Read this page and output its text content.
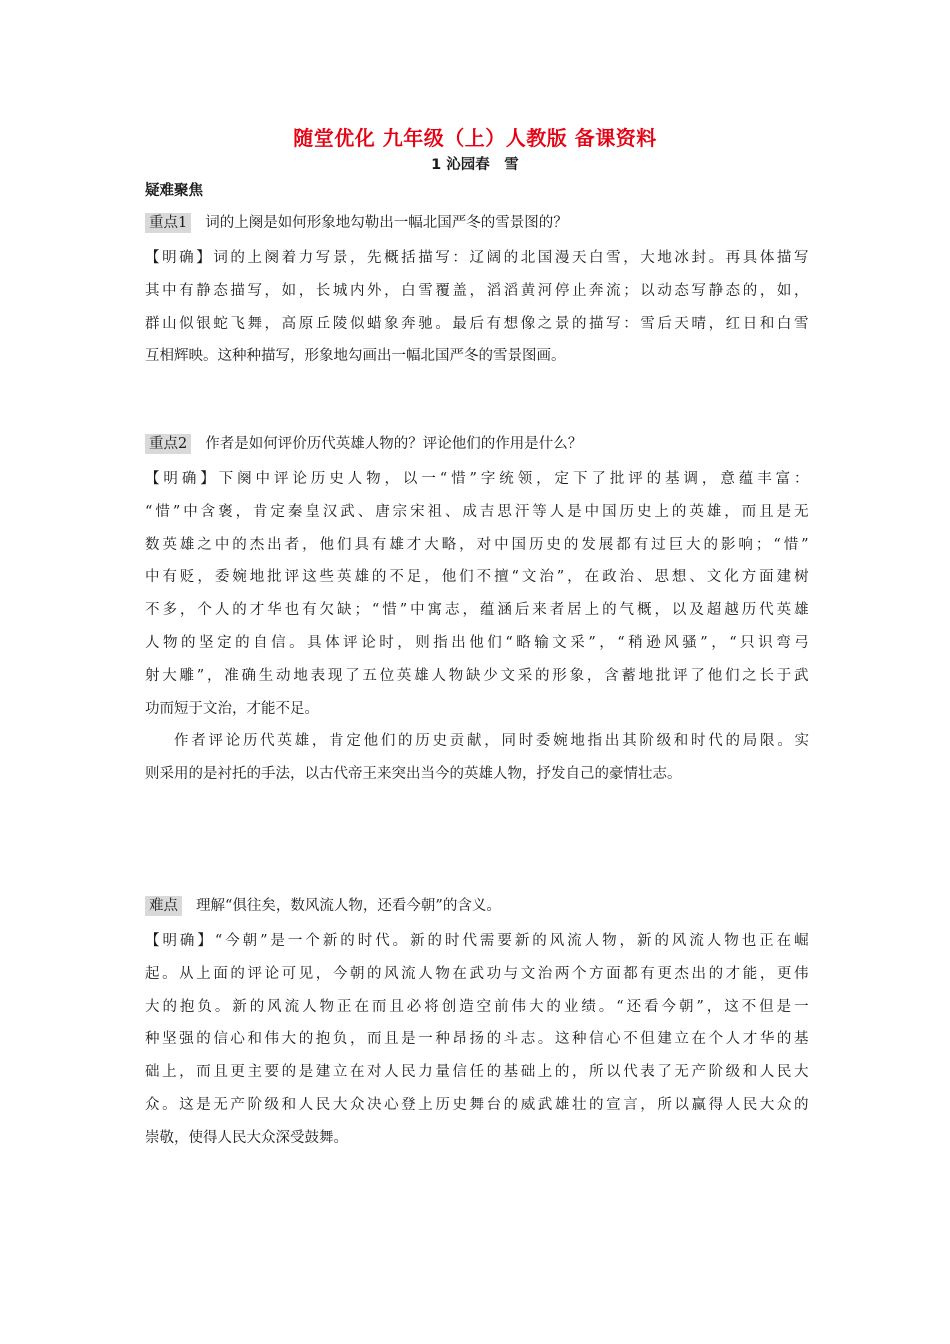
随堂优化 九年级（上）人教版 备课资料
1 沁园春　雪
疑难聚焦
重点1 词的上阕是如何形象地勾勒出一幅北国严冬的雪景图的？
【 明 确 】 词 的 上 阕 着 力 写 景 ， 先 概 括 描 写 ： 辽 阔 的 北 国 漫 天 白 雪 ， 大 地 冰 封 。 再 具 体 描 写
其 中 有 静 态 描 写 ， 如 ， 长 城 内 外 ， 白 雪 覆 盖 ， 滔 滔 黄 河 停 止 奔 流 ； 以 动 态 写 静 态 的 ， 如 ，
群 山 似 银 蛇 飞 舞 ， 高 原 丘 陵 似 蜡 象 奔 驰 。 最 后 有 想 像 之 景 的 描 写 ： 雪 后 天 晴 ， 红 日 和 白 雪
互相辉映。这种种描写，形象地勾画出一幅北国严冬的雪景图画。
重点2 作者是如何评价历代英雄人物的？评论他们的作用是什么？
【 明 确 】 下 阕 中 评 论 历 史 人 物 ， 以 一 “ 惜 ” 字 统 领 ， 定 下 了 批 评 的 基 调 ， 意 蕴 丰 富 ：
“ 惜 ” 中 含 褒 ， 肯 定 秦 皇 汉 武 、 唐 宗 宋 祖 、 成 吉 思 汗 等 人 是 中 国 历 史 上 的 英 雄 ， 而 且 是 无
数 英 雄 之 中 的 杰 出 者 ， 他 们 具 有 雄 才 大 略 ， 对 中 国 历 史 的 发 展 都 有 过 巨 大 的 影 响 ； “ 惜 ”
中 有 贬 ， 委 婉 地 批 评 这 些 英 雄 的 不 足 ， 他 们 不 擅 “ 文 治 ” ， 在 政 治 、 思 想 、 文 化 方 面 建 树
不 多 ， 个 人 的 才 华 也 有 欠 缺 ； “ 惜 ” 中 寓 志 ， 蕴 涵 后 来 者 居 上 的 气 概 ， 以 及 超 越 历 代 英 雄
人 物 的 坚 定 的 自 信 。 具 体 评 论 时 ， 则 指 出 他 们 “ 略 输 文 采 ” ， “ 稍 逊 风 骚 ” ， “ 只 识 弯 弓
射 大 雕 ” ， 准 确 生 动 地 表 现 了 五 位 英 雄 人 物 缺 少 文 采 的 形 象 ， 含 蓄 地 批 评 了 他 们 之 长 于 武
功而短于文治，才能不足。
作 者 评 论 历 代 英 雄 ， 肯 定 他 们 的 历 史 贡 献 ， 同 时 委 婉 地 指 出 其 阶 级 和 时 代 的 局 限 。 实
则采用的是衬托的手法，以古代帝王来突出当今的英雄人物，抒发自己的豪情壮志。
难点 理解“俱往矣，数风流人物，还看今朝”的含义。
【 明 确 】 “ 今 朝 ” 是 一 个 新 的 时 代 。 新 的 时 代 需 要 新 的 风 流 人 物 ， 新 的 风 流 人 物 也 正 在 崛
起 。 从 上 面 的 评 论 可 见 ， 今 朝 的 风 流 人 物 在 武 功 与 文 治 两 个 方 面 都 有 更 杰 出 的 才 能 ， 更 伟
大 的 抱 负 。 新 的 风 流 人 物 正 在 而 且 必 将 创 造 空 前 伟 大 的 业 绩 。 “ 还 看 今 朝 ” ， 这 不 但 是 一
种 坚 强 的 信 心 和 伟 大 的 抱 负 ， 而 且 是 一 种 昂 扬 的 斗 志 。 这 种 信 心 不 但 建 立 在 个 人 才 华 的 基
础 上 ， 而 且 更 主 要 的 是 建 立 在 对 人 民 力 量 信 任 的 基 础 上 的 ， 所 以 代 表 了 无 产 阶 级 和 人 民 大
众 。 这 是 无 产 阶 级 和 人 民 大 众 决 心 登 上 历 史 舞 台 的 威 武 雄 壮 的 宣 言 ， 所 以 赢 得 人 民 大 众 的
崇敬，使得人民大众深受鼓舞。
